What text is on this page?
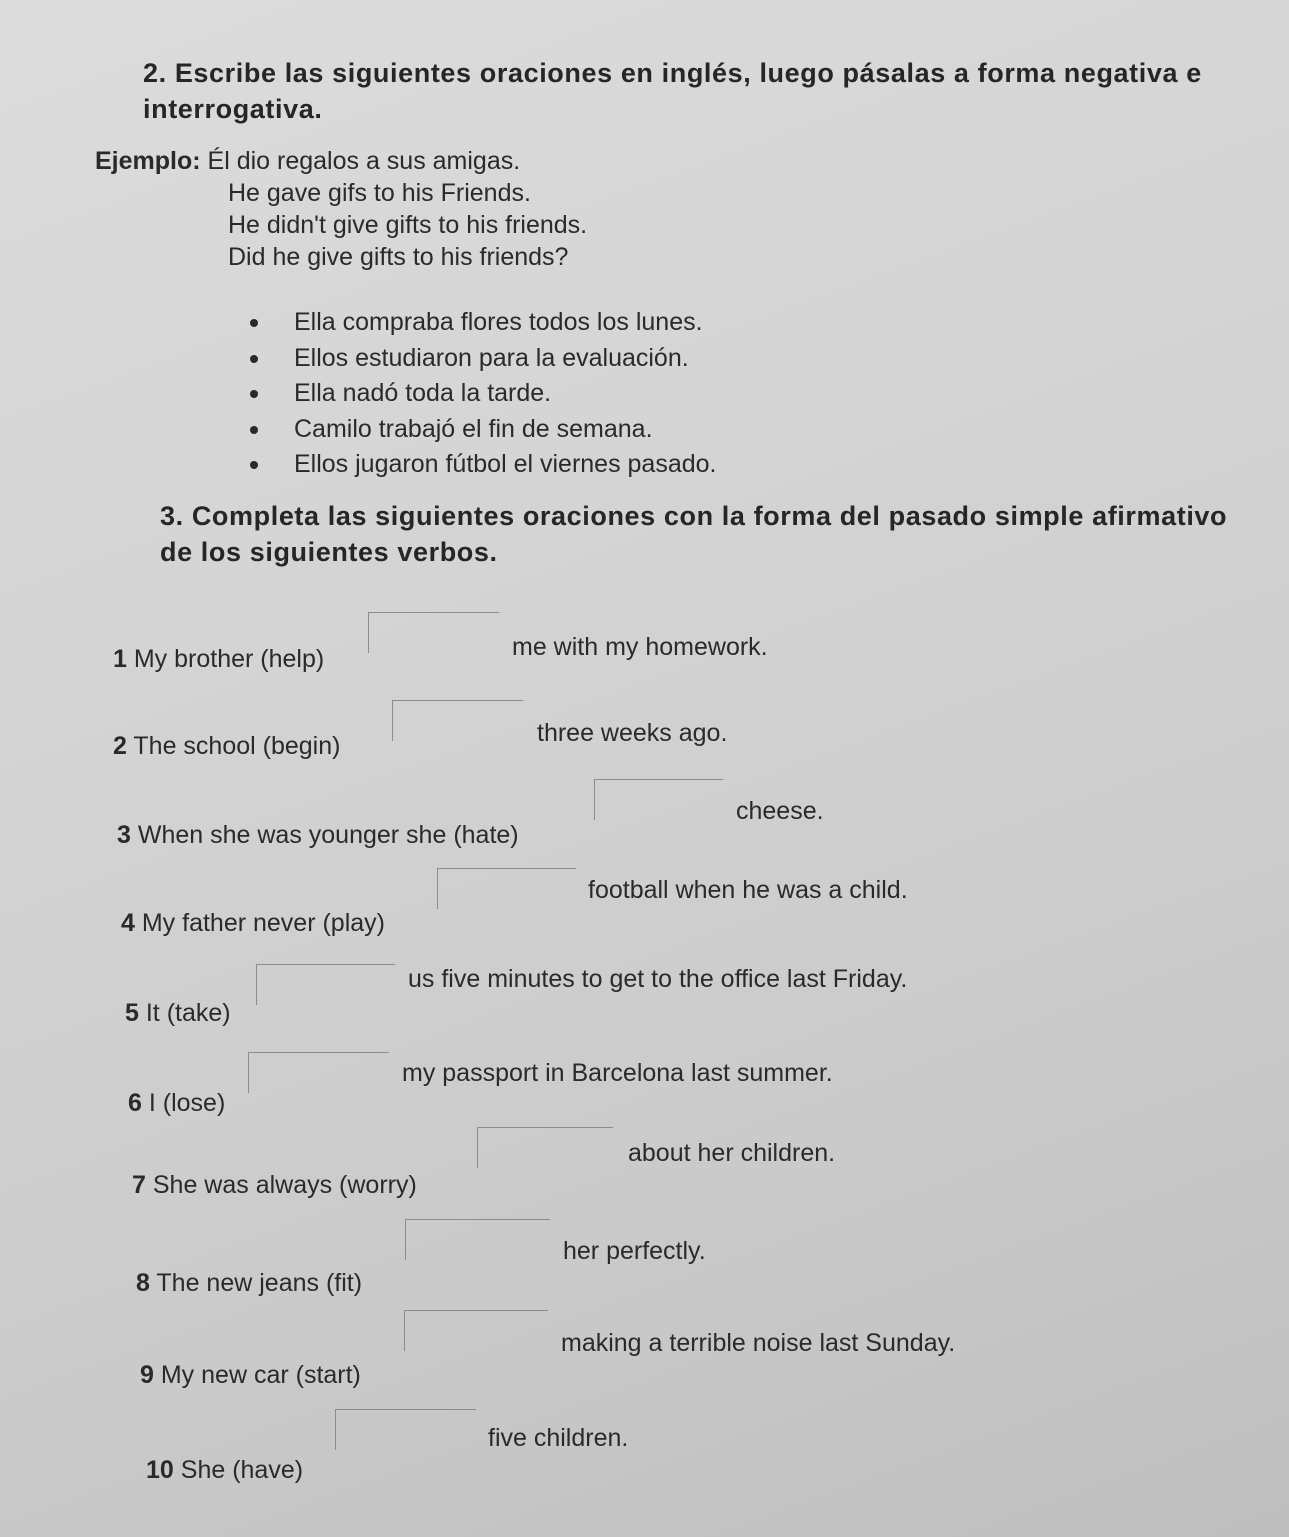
2. Escribe las siguientes oraciones en inglés, luego pásalas a forma negativa e interrogativa.
Ejemplo: Él dio regalos a sus amigas.
He gave gifs to his Friends.
He didn't give gifts to his friends.
Did he give gifts to his friends?
Ella compraba flores todos los lunes.
Ellos estudiaron para la evaluación.
Ella nadó toda la tarde.
Camilo trabajó el fin de semana.
Ellos jugaron fútbol el viernes pasado.
3. Completa las siguientes oraciones con la forma del pasado simple afirmativo de los siguientes verbos.
1 My brother (help)	me with my homework.
2 The school (begin)	three weeks ago.
3 When she was younger she (hate)
cheese.
4 My father never (play)
football when he was a child.
5 It (take)
us five minutes to get to the office last Friday.
6 I (lose)
my passport in Barcelona last summer.
7 She was always (worry)
about her children.
8 The new jeans (fit)
her perfectly.
9 My new car (start)
making a terrible noise last Sunday.
10 She (have)
five children.
